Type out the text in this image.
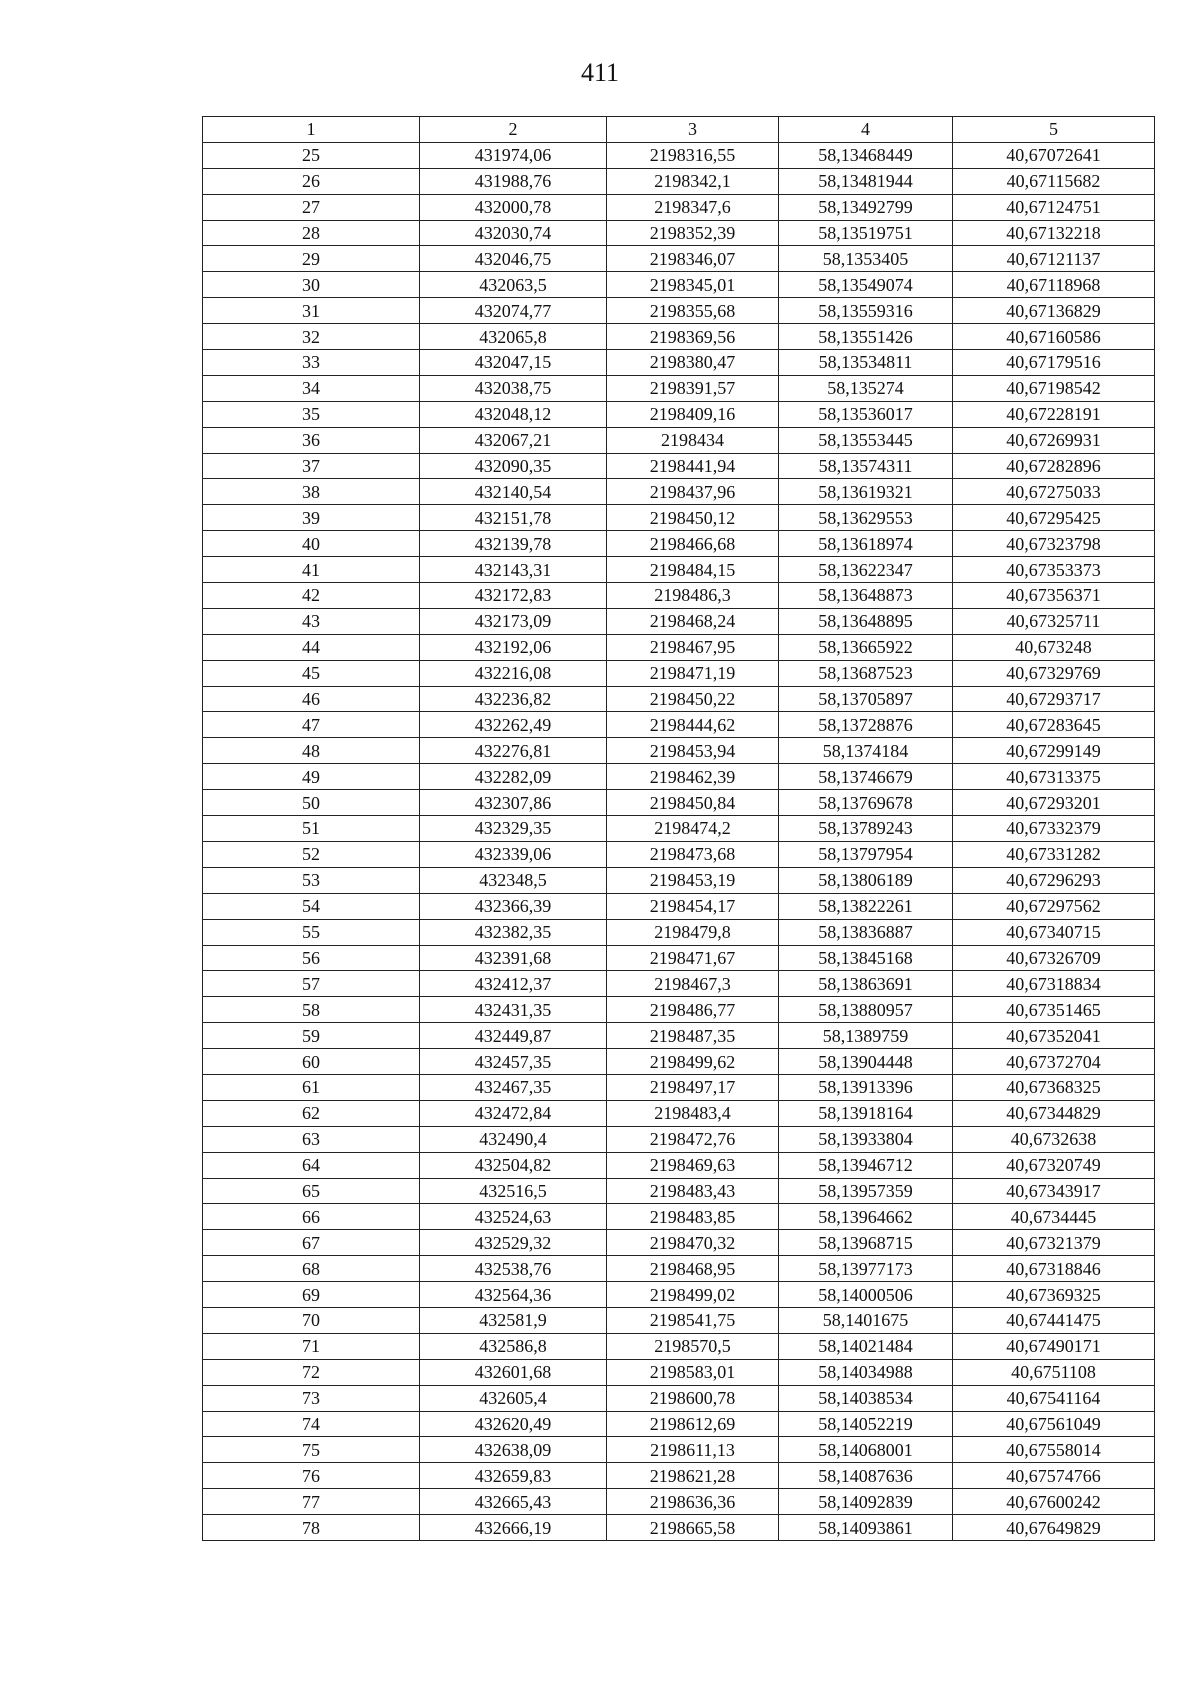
411
1	2	3	4	5
25	431974,06	2198316,55	58,13468449	40,67072641
26	431988,76	2198342,1	58,13481944	40,67115682
27	432000,78	2198347,6	58,13492799	40,67124751
28	432030,74	2198352,39	58,13519751	40,67132218
29	432046,75	2198346,07	58,1353405	40,67121137
30	432063,5	2198345,01	58,13549074	40,67118968
31	432074,77	2198355,68	58,13559316	40,67136829
32	432065,8	2198369,56	58,13551426	40,67160586
33	432047,15	2198380,47	58,13534811	40,67179516
34	432038,75	2198391,57	58,135274	40,67198542
35	432048,12	2198409,16	58,13536017	40,67228191
36	432067,21	2198434	58,13553445	40,67269931
37	432090,35	2198441,94	58,13574311	40,67282896
38	432140,54	2198437,96	58,13619321	40,67275033
39	432151,78	2198450,12	58,13629553	40,67295425
40	432139,78	2198466,68	58,13618974	40,67323798
41	432143,31	2198484,15	58,13622347	40,67353373
42	432172,83	2198486,3	58,13648873	40,67356371
43	432173,09	2198468,24	58,13648895	40,67325711
44	432192,06	2198467,95	58,13665922	40,673248
45	432216,08	2198471,19	58,13687523	40,67329769
46	432236,82	2198450,22	58,13705897	40,67293717
47	432262,49	2198444,62	58,13728876	40,67283645
48	432276,81	2198453,94	58,1374184	40,67299149
49	432282,09	2198462,39	58,13746679	40,67313375
50	432307,86	2198450,84	58,13769678	40,67293201
51	432329,35	2198474,2	58,13789243	40,67332379
52	432339,06	2198473,68	58,13797954	40,67331282
53	432348,5	2198453,19	58,13806189	40,67296293
54	432366,39	2198454,17	58,13822261	40,67297562
55	432382,35	2198479,8	58,13836887	40,67340715
56	432391,68	2198471,67	58,13845168	40,67326709
57	432412,37	2198467,3	58,13863691	40,67318834
58	432431,35	2198486,77	58,13880957	40,67351465
59	432449,87	2198487,35	58,1389759	40,67352041
60	432457,35	2198499,62	58,13904448	40,67372704
61	432467,35	2198497,17	58,13913396	40,67368325
62	432472,84	2198483,4	58,13918164	40,67344829
63	432490,4	2198472,76	58,13933804	40,6732638
64	432504,82	2198469,63	58,13946712	40,67320749
65	432516,5	2198483,43	58,13957359	40,67343917
66	432524,63	2198483,85	58,13964662	40,6734445
67	432529,32	2198470,32	58,13968715	40,67321379
68	432538,76	2198468,95	58,13977173	40,67318846
69	432564,36	2198499,02	58,14000506	40,67369325
70	432581,9	2198541,75	58,1401675	40,67441475
71	432586,8	2198570,5	58,14021484	40,67490171
72	432601,68	2198583,01	58,14034988	40,6751108
73	432605,4	2198600,78	58,14038534	40,67541164
74	432620,49	2198612,69	58,14052219	40,67561049
75	432638,09	2198611,13	58,14068001	40,67558014
76	432659,83	2198621,28	58,14087636	40,67574766
77	432665,43	2198636,36	58,14092839	40,67600242
78	432666,19	2198665,58	58,14093861	40,67649829
